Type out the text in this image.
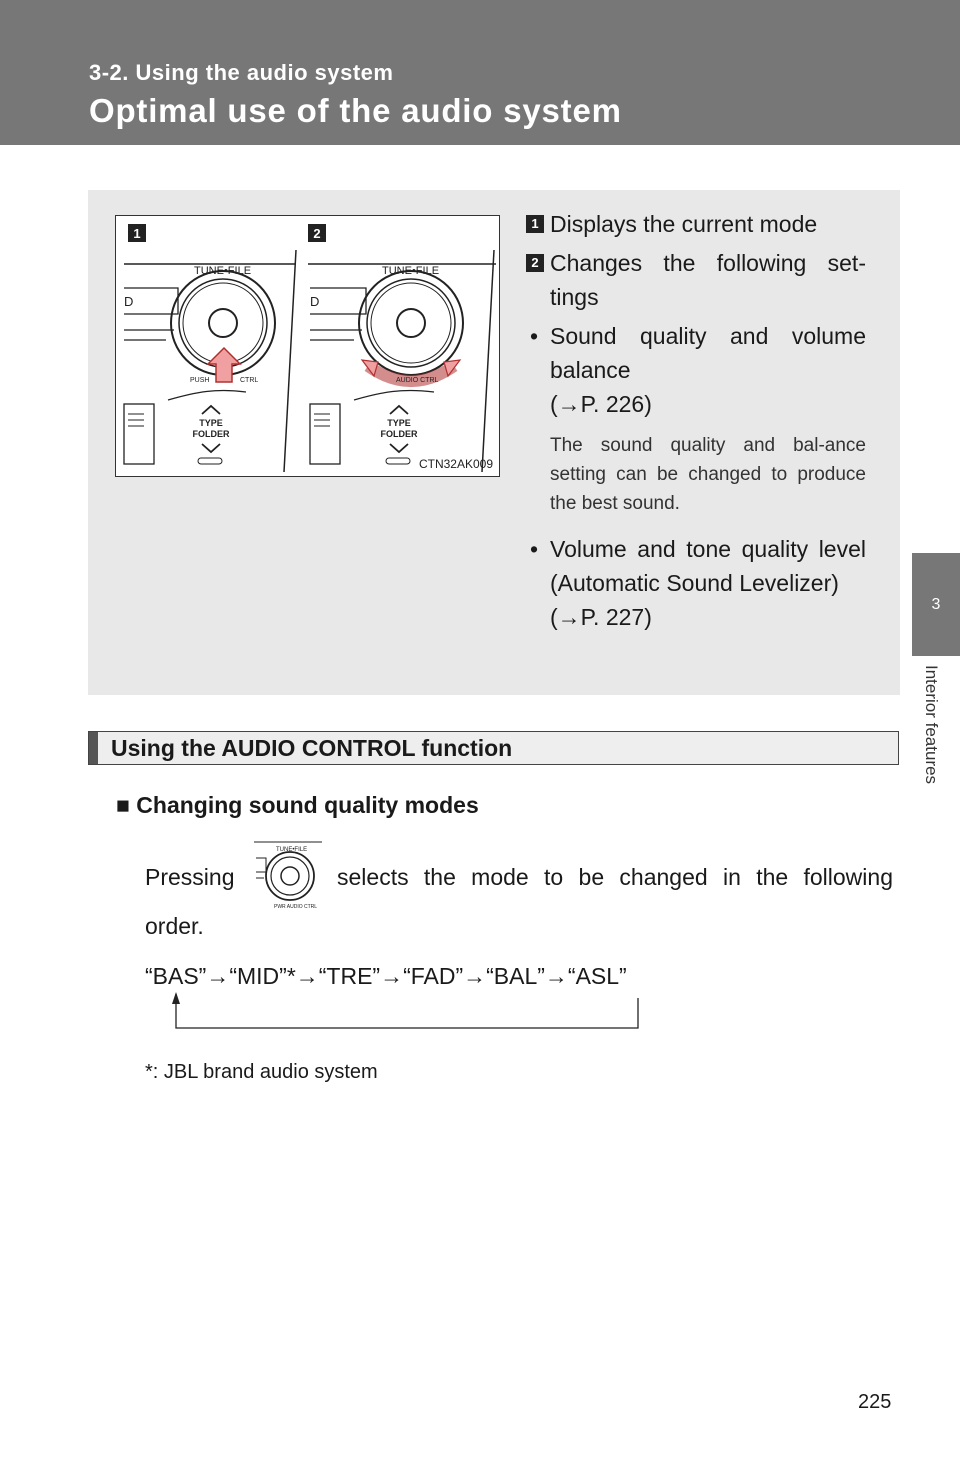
3-2. Using the audio system
Optimal use of the audio system
3
Interior features
1
TUNE•FILE
D
PUSH	CTRL
TYPE
FOLDER
2
TUNE•FILE
D
AUDIO CTRL
TYPE
FOLDER
CTN32AK009
1 Displays the current mode
2 Changes the following set-tings
• Sound quality and volume balance
(→P. 226)
The sound quality and bal-ance setting can be changed to produce the best sound.
• Volume and tone quality level (Automatic Sound Levelizer)
(→P. 227)
Using the AUDIO CONTROL function
■ Changing sound quality modes
Pressing	selects the mode to be changed in the following
TUNE•FILE
PWR AUDIO CTRL
order.
“BAS”→“MID”*→“TRE”→“FAD”→“BAL”→“ASL”
*: JBL brand audio system
225
